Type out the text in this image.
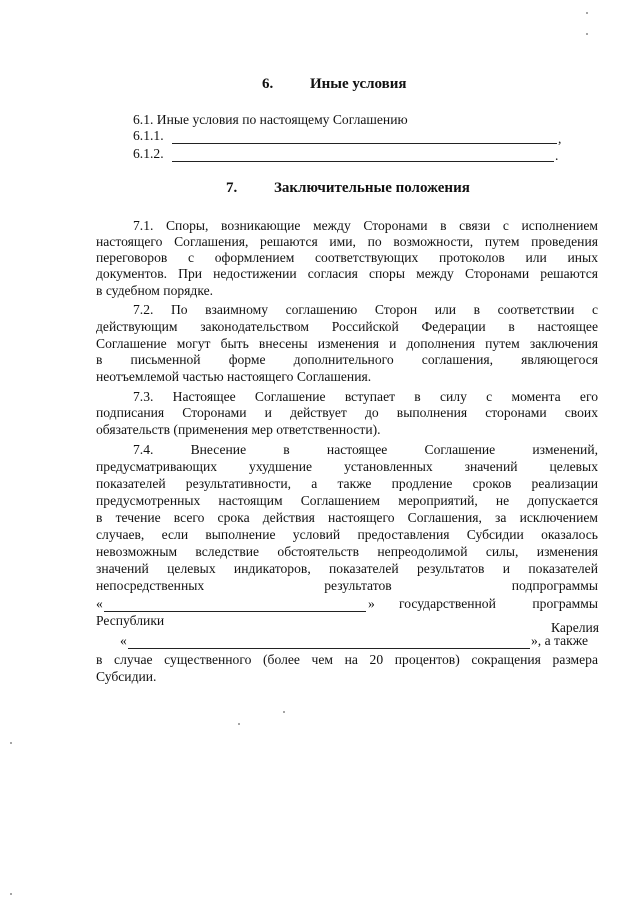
6. Иные условия
6.1. Иные условия по настоящему Соглашению
6.1.1.	,
6.1.2.	.
7. Заключительные положения
7.1. Споры, возникающие между Сторонами в связи с исполнением
настоящего Соглашения, решаются ими, по возможности, путем проведения
переговоров с оформлением соответствующих протоколов или иных
документов. При недостижении согласия споры между Сторонами решаются
в судебном порядке.
7.2. По взаимному соглашению Сторон или в соответствии с
действующим законодательством Российской Федерации в настоящее
Соглашение могут быть внесены изменения и дополнения путем заключения
в письменной форме дополнительного соглашения, являющегося
неотъемлемой частью настоящего Соглашения.
7.3. Настоящее Соглашение вступает в силу с момента его
подписания Сторонами и действует до выполнения сторонами своих
обязательств (применения мер ответственности).
7.4. Внесение в настоящее Соглашение изменений,
предусматривающих ухудшение установленных значений целевых
показателей результативности, а также продление сроков реализации
предусмотренных настоящим Соглашением мероприятий, не допускается
в течение всего срока действия настоящего Соглашения, за исключением
случаев, если выполнение условий предоставления Субсидии оказалось
невозможным вследствие обстоятельств непреодолимой силы, изменения
значений целевых индикаторов, показателей результатов и показателей
непосредственных результатов подпрограммы
«	» государственной программы
Республики	Карелия
«	», а также
в случае существенного (более чем на 20 процентов) сокращения размера
Субсидии.
